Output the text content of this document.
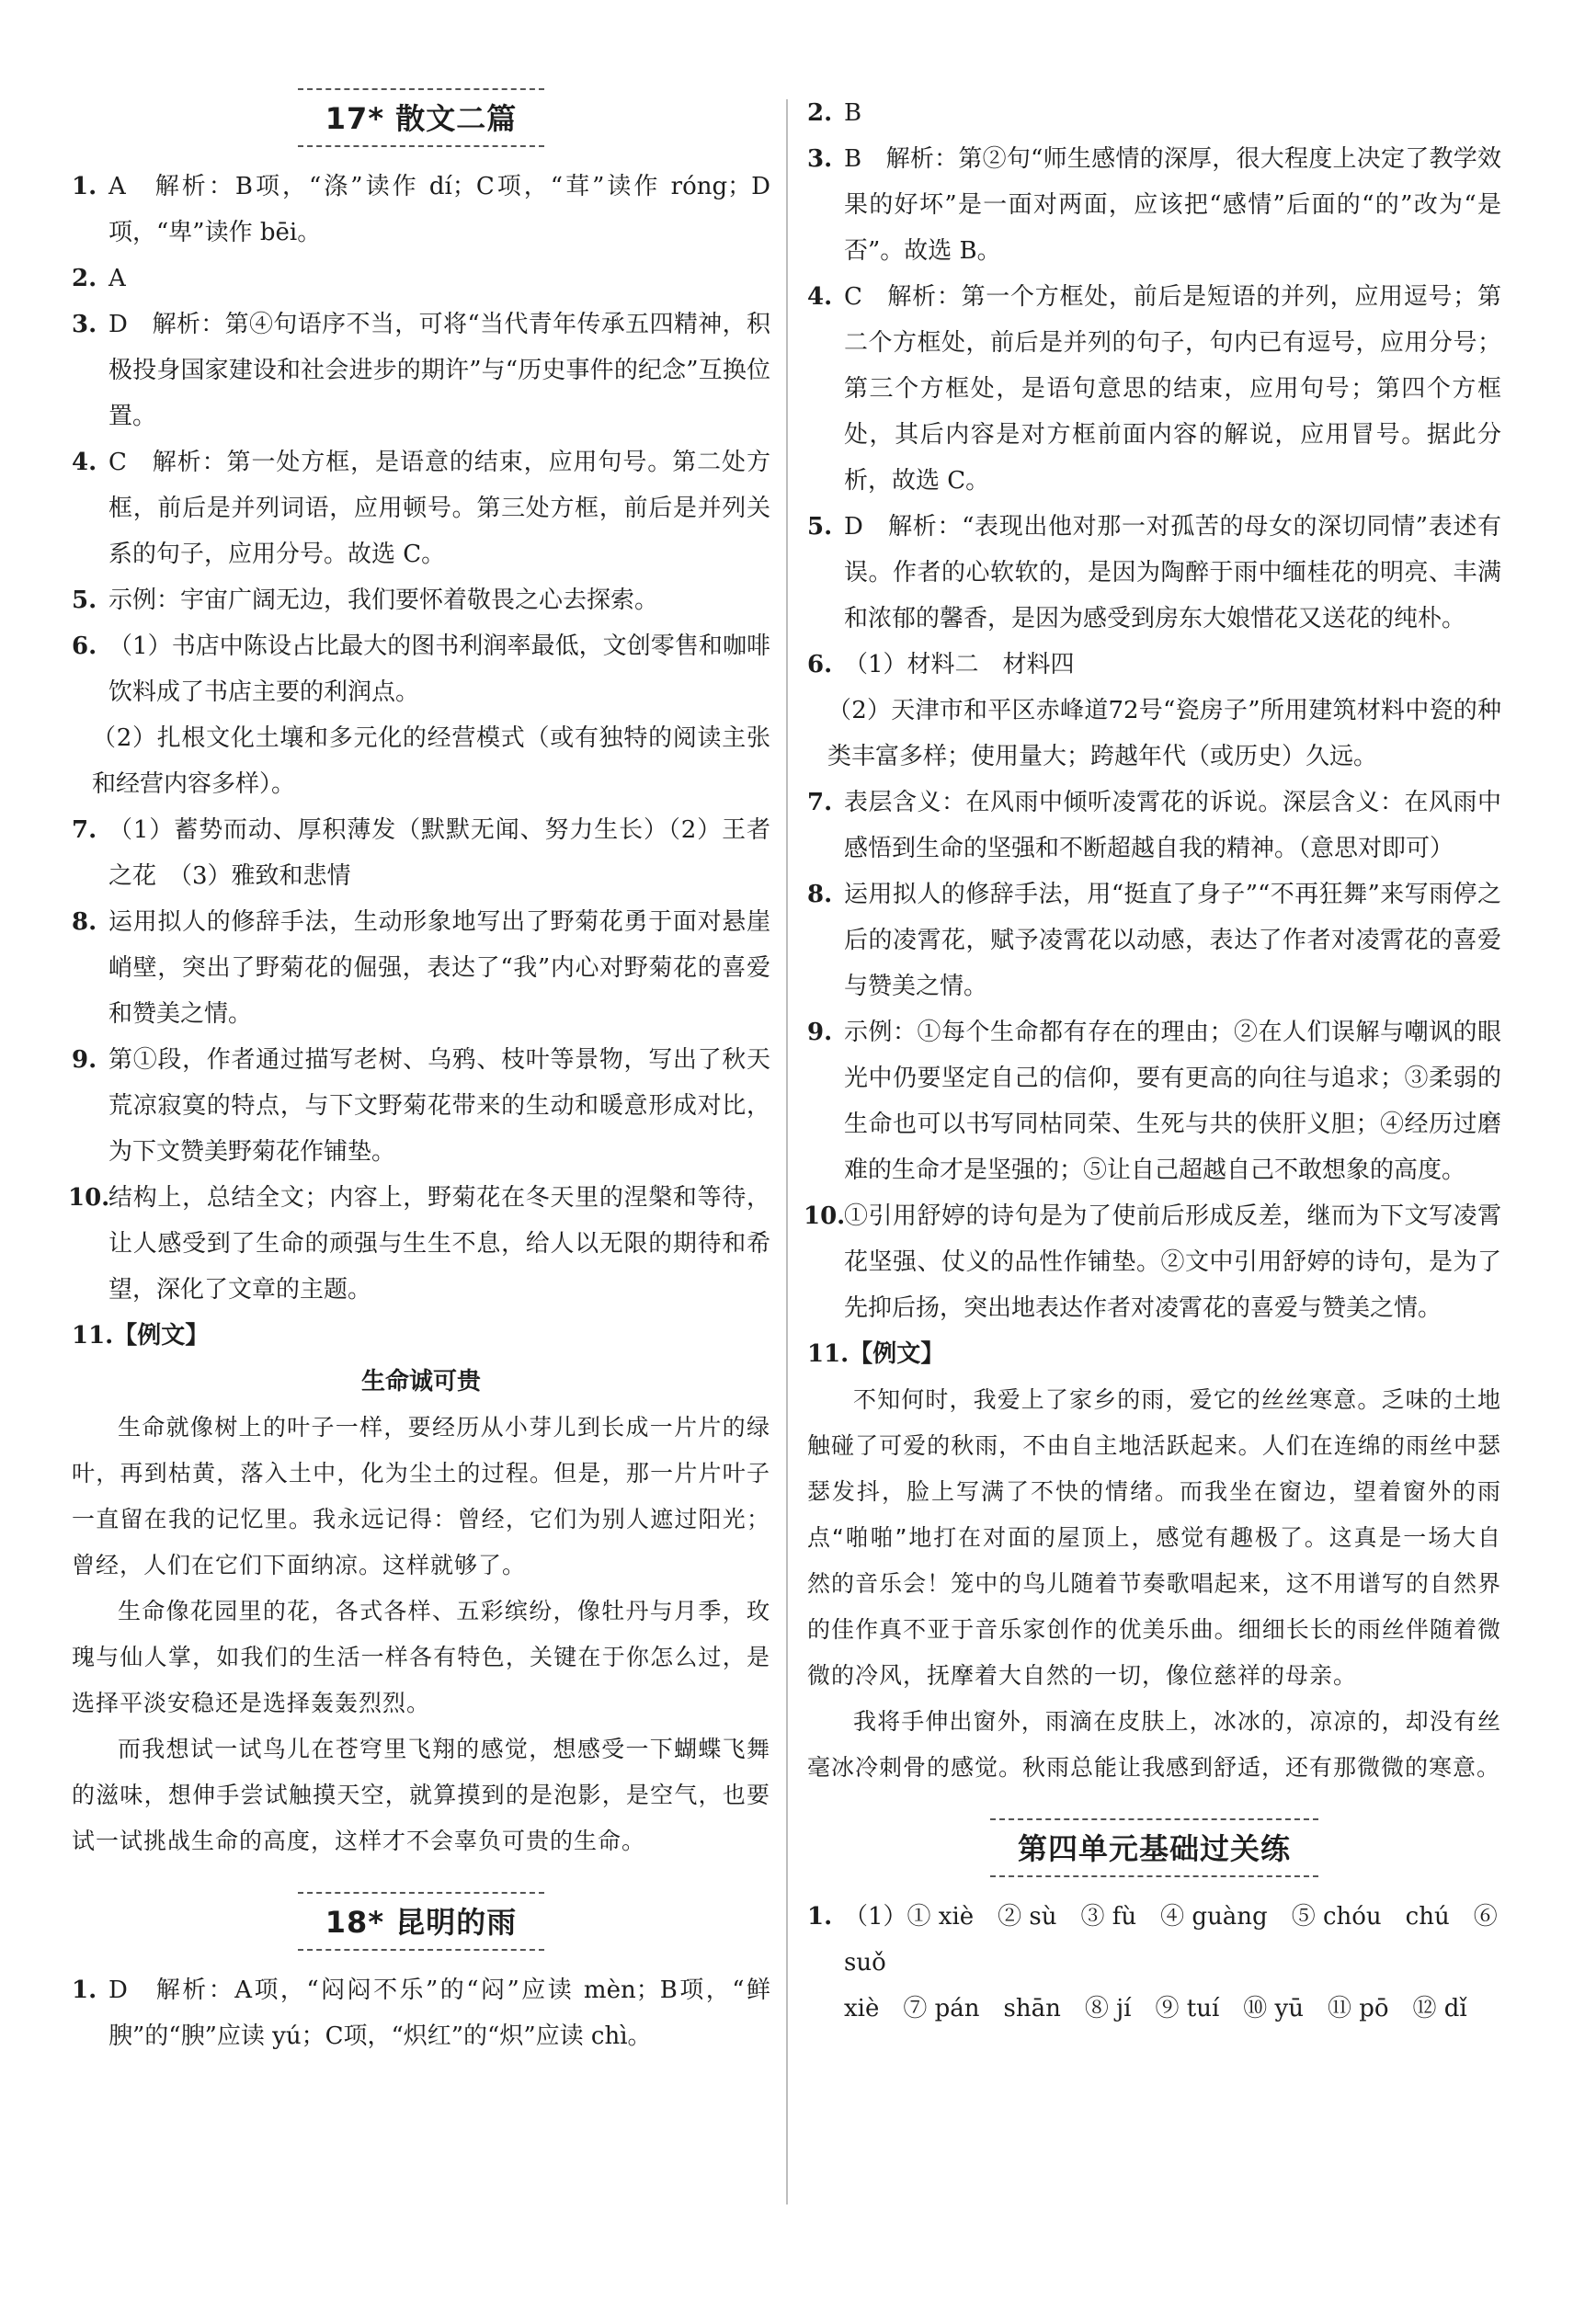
17* 散文二篇

1. A　解析：B项，“涤”读作 dí；C项，“茸”读作 róng；D项，“卑”读作 bēi。

2. A

3. D　解析：第④句语序不当，可将“当代青年传承五四精神，积极投身国家建设和社会进步的期许”与“历史事件的纪念”互换位置。

4. C　解析：第一处方框，是语意的结束，应用句号。第二处方框，前后是并列词语，应用顿号。第三处方框，前后是并列关系的句子，应用分号。故选 C。

5. 示例：宇宙广阔无边，我们要怀着敬畏之心去探索。

6. （1）书店中陈设占比最大的图书利润率最低，文创零售和咖啡饮料成了书店主要的利润点。

（2）扎根文化土壤和多元化的经营模式（或有独特的阅读主张和经营内容多样）。

7. （1）蓄势而动、厚积薄发（默默无闻、努力生长）（2）王者之花　（3）雅致和悲情

8. 运用拟人的修辞手法，生动形象地写出了野菊花勇于面对悬崖峭壁，突出了野菊花的倔强，表达了“我”内心对野菊花的喜爱和赞美之情。

9. 第①段，作者通过描写老树、乌鸦、枝叶等景物，写出了秋天荒凉寂寞的特点，与下文野菊花带来的生动和暖意形成对比，为下文赞美野菊花作铺垫。

10.
结构上，总结全文；内容上，野菊花在冬天里的涅槃和等待，让人感受到了生命的顽强与生生不息，给人以无限的期待和希望，深化了文章的主题。

11.【例文】

生命诚可贵

生命就像树上的叶子一样，要经历从小芽儿到长成一片片的绿叶，再到枯黄，落入土中，化为尘土的过程。但是，那一片片叶子一直留在我的记忆里。我永远记得：曾经，它们为别人遮过阳光；曾经，人们在它们下面纳凉。这样就够了。

生命像花园里的花，各式各样、五彩缤纷，像牡丹与月季，玫瑰与仙人掌，如我们的生活一样各有特色，关键在于你怎么过，是选择平淡安稳还是选择轰轰烈烈。

而我想试一试鸟儿在苍穹里飞翔的感觉，想感受一下蝴蝶飞舞的滋味，想伸手尝试触摸天空，就算摸到的是泡影，是空气，也要试一试挑战生命的高度，这样才不会辜负可贵的生命。

18* 昆明的雨

1. D　解析：A项，“闷闷不乐”的“闷”应读 mèn；B项，“鲜腴”的“腴”应读 yú；C项，“炽红”的“炽”应读 chì。

2. B

3. B　解析：第②句“师生感情的深厚，很大程度上决定了教学效果的好坏”是一面对两面，应该把“感情”后面的“的”改为“是否”。故选 B。

4. C　解析：第一个方框处，前后是短语的并列，应用逗号；第二个方框处，前后是并列的句子，句内已有逗号，应用分号；第三个方框处，是语句意思的结束，应用句号；第四个方框处，其后内容是对方框前面内容的解说，应用冒号。据此分析，故选 C。

5. D　解析：“表现出他对那一对孤苦的母女的深切同情”表述有误。作者的心软软的，是因为陶醉于雨中缅桂花的明亮、丰满和浓郁的馨香，是因为感受到房东大娘惜花又送花的纯朴。

6. （1）材料二　材料四

（2）天津市和平区赤峰道72号“瓷房子”所用建筑材料中瓷的种类丰富多样；使用量大；跨越年代（或历史）久远。

7. 表层含义：在风雨中倾听凌霄花的诉说。深层含义：在风雨中感悟到生命的坚强和不断超越自我的精神。（意思对即可）

8. 运用拟人的修辞手法，用“挺直了身子”“不再狂舞”来写雨停之后的凌霄花，赋予凌霄花以动感，表达了作者对凌霄花的喜爱与赞美之情。

9. 示例：①每个生命都有存在的理由；②在人们误解与嘲讽的眼光中仍要坚定自己的信仰，要有更高的向往与追求；③柔弱的生命也可以书写同枯同荣、生死与共的侠肝义胆；④经历过磨难的生命才是坚强的；⑤让自己超越自己不敢想象的高度。

10.
①引用舒婷的诗句是为了使前后形成反差，继而为下文写凌霄花坚强、仗义的品性作铺垫。②文中引用舒婷的诗句，是为了先抑后扬，突出地表达作者对凌霄花的喜爱与赞美之情。

11.【例文】

不知何时，我爱上了家乡的雨，爱它的丝丝寒意。乏味的土地触碰了可爱的秋雨，不由自主地活跃起来。人们在连绵的雨丝中瑟瑟发抖，脸上写满了不快的情绪。而我坐在窗边，望着窗外的雨点“啪啪”地打在对面的屋顶上，感觉有趣极了。这真是一场大自然的音乐会！笼中的鸟儿随着节奏歌唱起来，这不用谱写的自然界的佳作真不亚于音乐家创作的优美乐曲。细细长长的雨丝伴随着微微的冷风，抚摩着大自然的一切，像位慈祥的母亲。

我将手伸出窗外，雨滴在皮肤上，冰冰的，凉凉的，却没有丝毫冰冷刺骨的感觉。秋雨总能让我感到舒适，还有那微微的寒意。

第四单元基础过关练

1. （1）① xiè　② sù　③ fù　④ guàng　⑤ chóu　chú　⑥ suǒ

xiè　⑦ pán　shān　⑧ jí　⑨ tuí　⑩ yū　⑪ pō　⑫ dǐ
